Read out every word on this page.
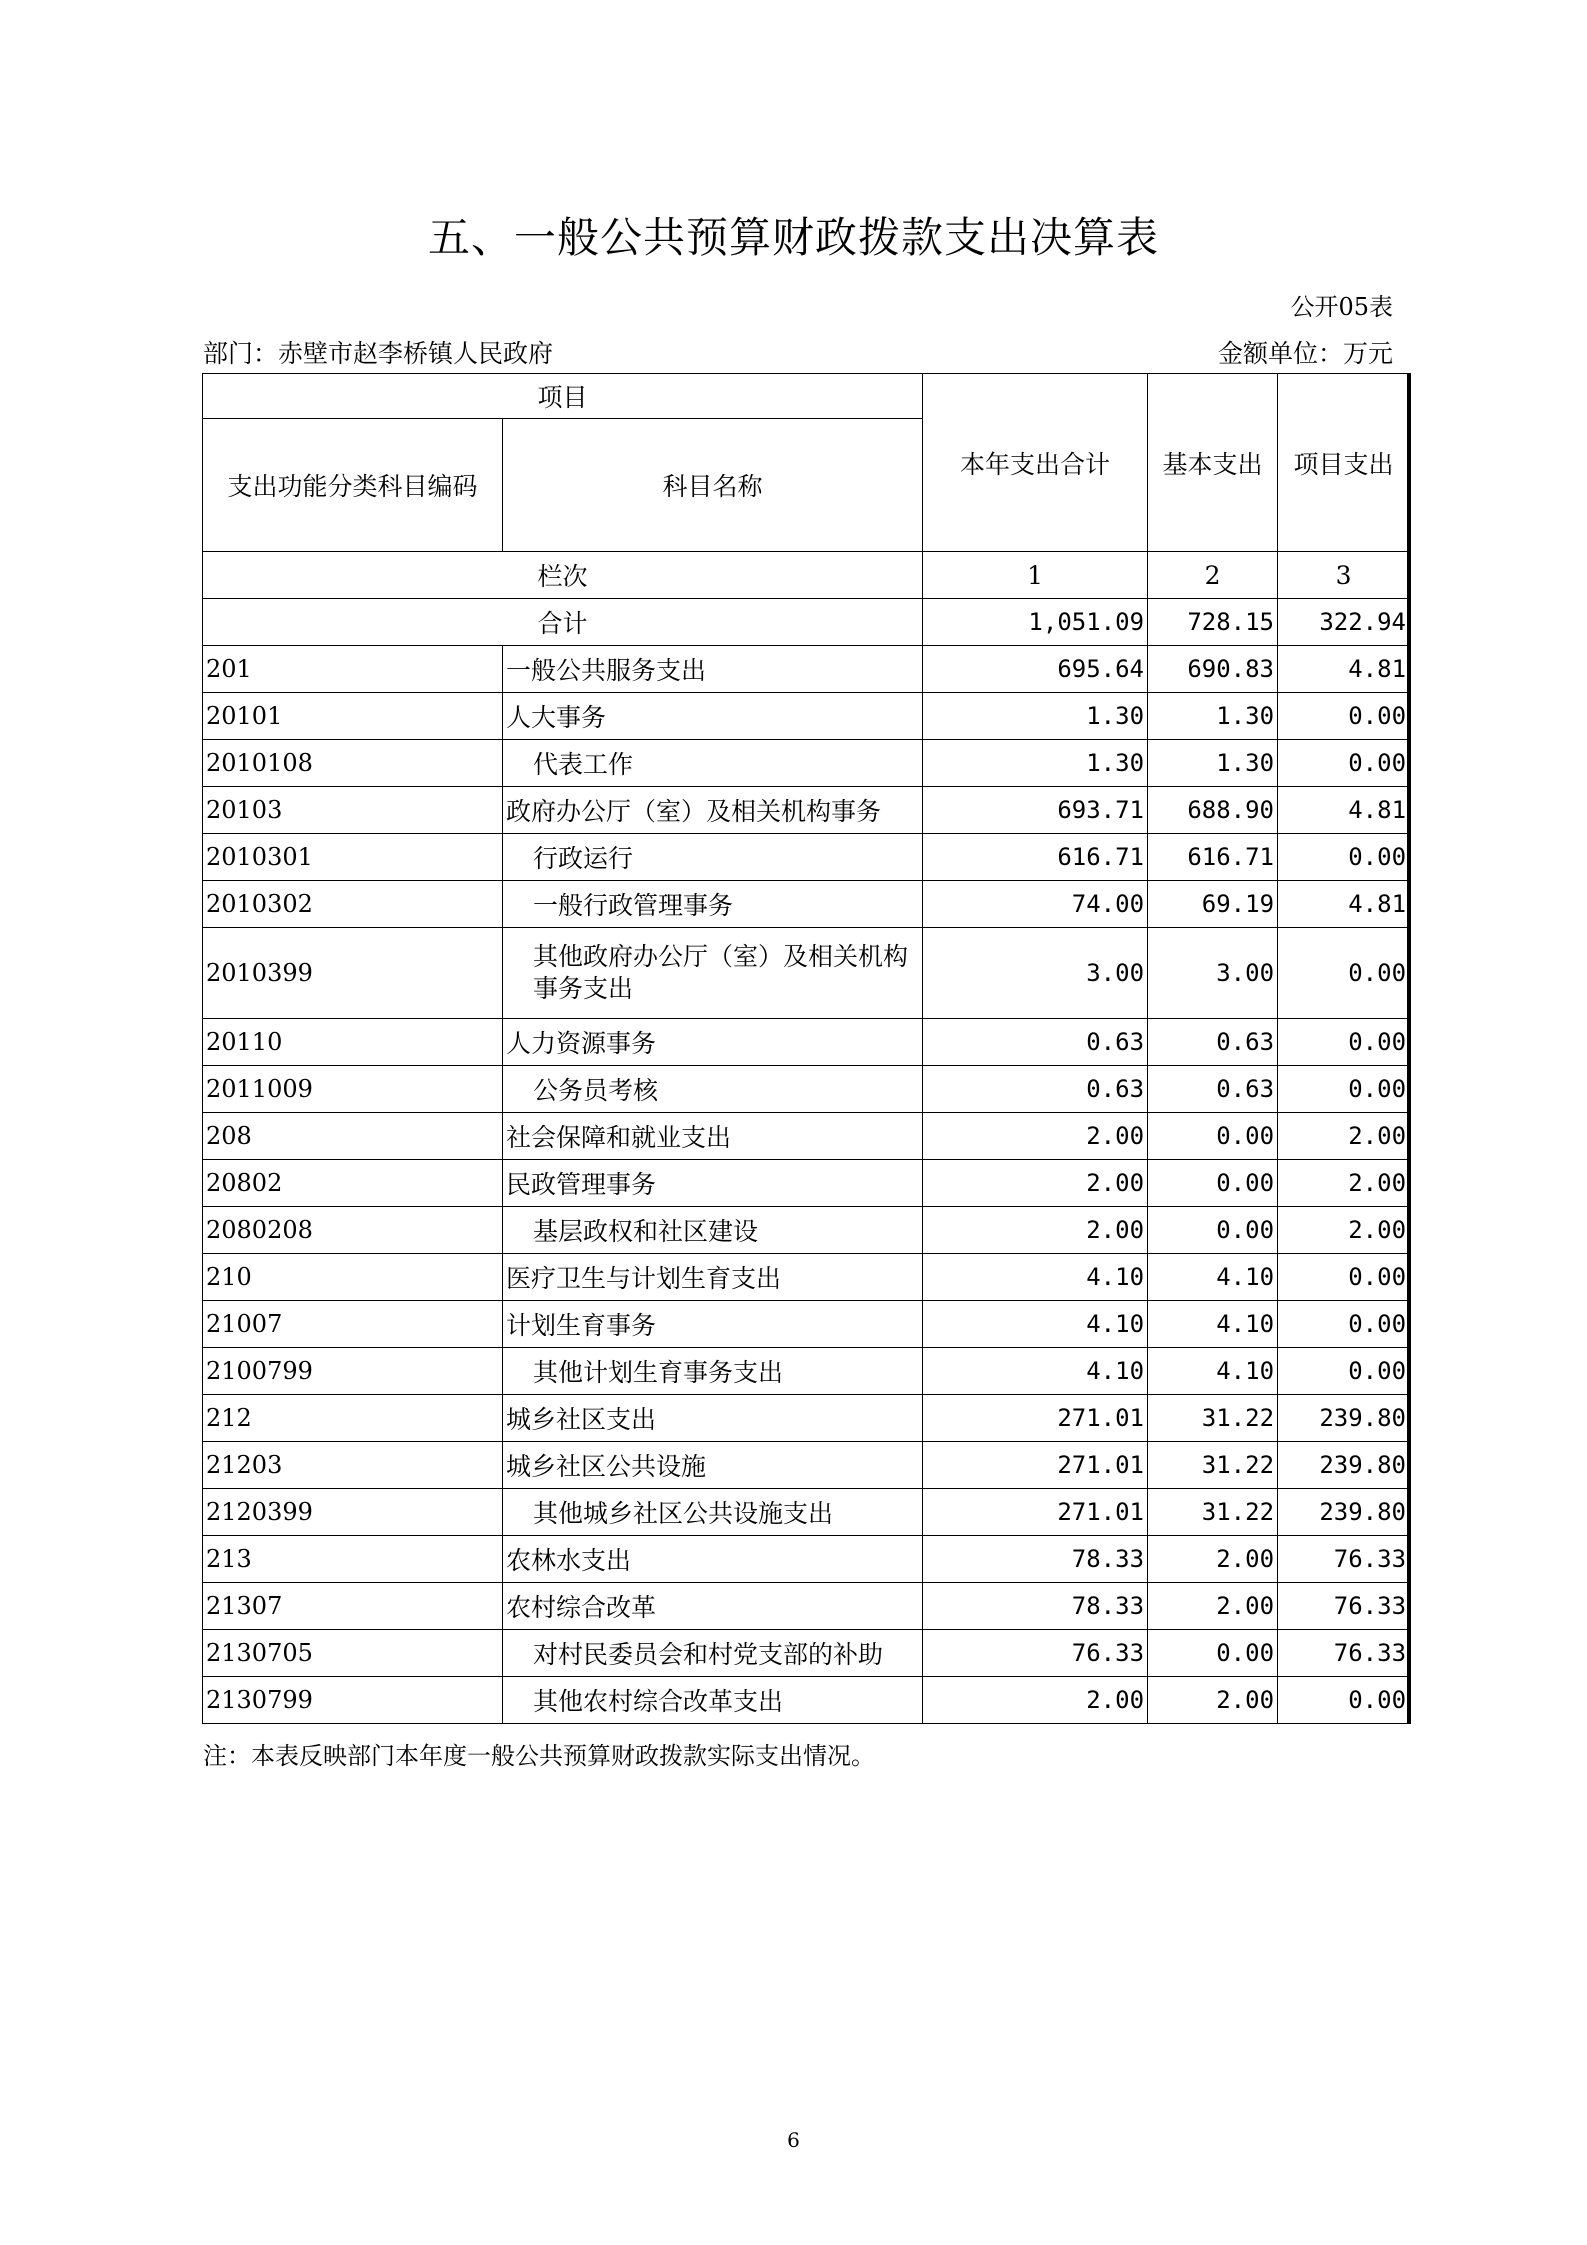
五、一般公共预算财政拨款支出决算表
公开05表
部门：赤壁市赵李桥镇人民政府	金额单位：万元
项目		本年支出合计	基本支出	项目支出
支出功能分类科目编码	科目名称			
栏次		1	2	3
合计		1,051.09	728.15	322.94
201	一般公共服务支出	695.64	690.83	4.81
20101	人大事务	1.30	1.30	0.00
2010108	代表工作	1.30	1.30	0.00
20103	政府办公厅（室）及相关机构事务	693.71	688.90	4.81
2010301	行政运行	616.71	616.71	0.00
2010302	一般行政管理事务	74.00	69.19	4.81
2010399	其他政府办公厅（室）及相关机构事务支出	3.00	3.00	0.00
20110	人力资源事务	0.63	0.63	0.00
2011009	公务员考核	0.63	0.63	0.00
208	社会保障和就业支出	2.00	0.00	2.00
20802	民政管理事务	2.00	0.00	2.00
2080208	基层政权和社区建设	2.00	0.00	2.00
210	医疗卫生与计划生育支出	4.10	4.10	0.00
21007	计划生育事务	4.10	4.10	0.00
2100799	其他计划生育事务支出	4.10	4.10	0.00
212	城乡社区支出	271.01	31.22	239.80
21203	城乡社区公共设施	271.01	31.22	239.80
2120399	其他城乡社区公共设施支出	271.01	31.22	239.80
213	农林水支出	78.33	2.00	76.33
21307	农村综合改革	78.33	2.00	76.33
2130705	对村民委员会和村党支部的补助	76.33	0.00	76.33
2130799	其他农村综合改革支出	2.00	2.00	0.00
注：本表反映部门本年度一般公共预算财政拨款实际支出情况。
6
